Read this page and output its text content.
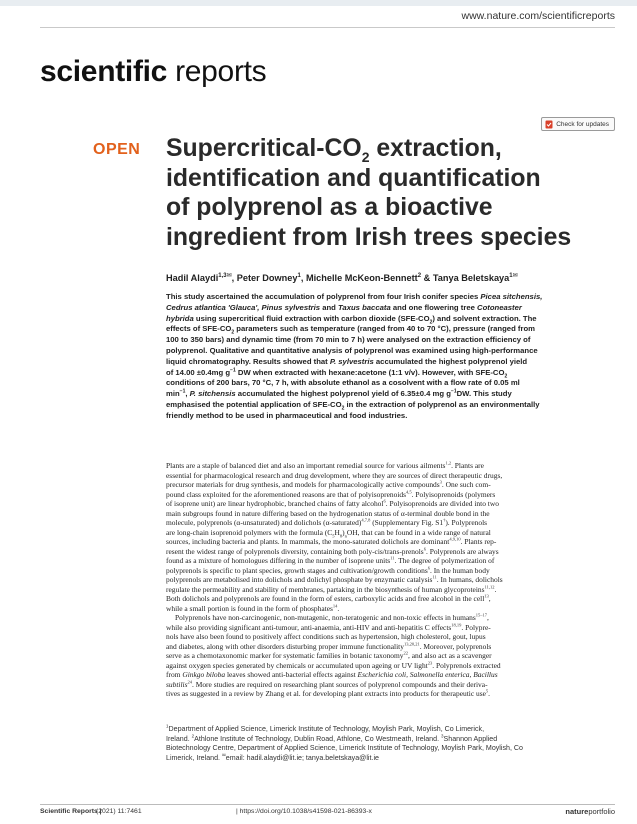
www.nature.com/scientificreports
scientific reports
Check for updates
OPEN Supercritical-$CO_2$ extraction,
identification and quantification
of polyprenol as a bioactive
ingredient from Irish trees species
Hadil Alaydi$^{1,3✉}$, Peter Downey$^1$, Michelle McKeon-Bennett$^2$ & Tanya Beletskaya$^{1✉}$
This study ascertained the accumulation of polyprenol from four Irish conifer species Picea sitchensis,
Cedrus atlantica 'Glauca', Pinus sylvestris and Taxus baccata and one flowering tree Cotoneaster
hybrida using supercritical fluid extraction with carbon dioxide $(SFE-CO_2)$ and solvent extraction. The
effects of SFE-$CO_2$ parameters such as temperature (ranged from 40 to 70 °C), pressure (ranged from
100 to 350 bars) and dynamic time (from 70 min to 7 h) were analysed on the extraction efficiency of
polyprenol. Qualitative and quantitative analysis of polyprenol was examined using high-performance
liquid chromatography. Results showed that P. sylvestris accumulated the highest polyprenol yield
of 14.00 ±0.4mg $g^{-1}$ DW when extracted with hexane:acetone (1:1 v/v). However, with SFE-$CO_2$
conditions of 200 bars, 70 °C, 7 h, with absolute ethanol as a cosolvent with a flow rate of 0.05 ml
$\min^{-1}$, P. sitchensis accumulated the highest polyprenol yield of 6.35±0.4 mg $g^{-1}DW$. This study
emphasised the potential application of SFE-$CO_2$ in the extraction of polyprenol as an environmentally
friendly method to be used in pharmaceutical and food industries.
Plants are a staple of balanced diet and also an important remedial source for various ailments$^{1,2}$. Plants are
essential for pharmacological research and drug development, where they are sources of direct therapeutic drugs,
precursor materials for drug synthesis, and models for pharmacologically active compounds$^3$. One such com-
pound class exploited for the aforementioned reasons are that of polyisoprenoids$^{4,5}$. Polyisoprenoids (polymers
of isoprene unit) are linear hydrophobic, branched chains of fatty alcohol$^6$. Polyisoprenoids are divided into two
main subgroups found in nature differing based on the hydrogenation status of α-terminal double bond in the
molecule, polyprenols (α-unsaturated) and dolichols (α-saturated)$^{4,7,8}$ (Supplementary Fig. S1†). Polyprenols
are long-chain isoprenoid polymers with the formula $(C_5H_8)_nOH$, that can be found in a wide range of natural
sources, including bacteria and plants. In mammals, the mono-saturated dolichols are dominant$^{4,9,10}$. Plants rep-
resent the widest range of polyprenols diversity, containing both poly-cis/trans-prenols$^6$. Polyprenols are always
found as a mixture of homologues differing in the number of isoprene units$^{11}$. The degree of polymerization of
polyprenols is specific to plant species, growth stages and cultivation/growth conditions$^6$. In the human body
polyprenols are metabolised into dolichols and dolichyl phosphate by enzymatic catalysis$^{11}$. In humans, dolichols
regulate the permeability and stability of membranes, partaking in the biosynthesis of human glycoproteins$^{11,12}$.
Both dolichols and polyprenols are found in the form of esters, carboxylic acids and free alcohol in the cell$^{13}$,
while a small portion is found in the form of phosphates$^{14}$.
Polyprenols have non-carcinogenic, non-mutagenic, non-teratogenic and non-toxic effects in humans$^{15-17}$,
while also providing significant anti-tumour, anti-anaemia, anti-HIV and anti-hepatitis C effects$^{18,19}$. Polypre-
nols have also been found to positively affect conditions such as hypertension, high cholesterol, gout, lupus
and diabetes, along with other disorders disturbing proper immune functionality$^{13,20,21}$. Moreover, polyprenols
serve as a chemotaxonomic marker for systematic families in botanic taxonomy$^{22}$, and also act as a scavenger
against oxygen species generated by chemicals or accumulated upon ageing or UV light$^{23}$. Polyprenols extracted
from Ginkgo biloba leaves showed anti-bacterial effects against Escherichia coli, Salmonella enterica, Bacillus
subtilis$^{24}$. More studies are required on researching plant sources of polyprenol compounds and their deriva-
tives as suggested in a review by Zhang et al. for developing plant extracts into products for therapeutic use$^5$.
$^1$Department of Applied Science, Limerick Institute of Technology, Moylish Park, Moylish, Co Limerick,
Ireland. $^2$Athlone Institute of Technology, Dublin Road, Athlone, Co Westmeath, Ireland. $^3$Shannon Applied
Biotechnology Centre, Department of Applied Science, Limerick Institute of Technology, Moylish Park, Moylish, Co
Limerick, Ireland. ✉email: hadil.alaydi@lit.ie; tanya.beletskaya@lit.ie
Scientific Reports |
(2021) 11:7461	| https://doi.org/10.1038/s41598-021-86393-x	natureportfolio
